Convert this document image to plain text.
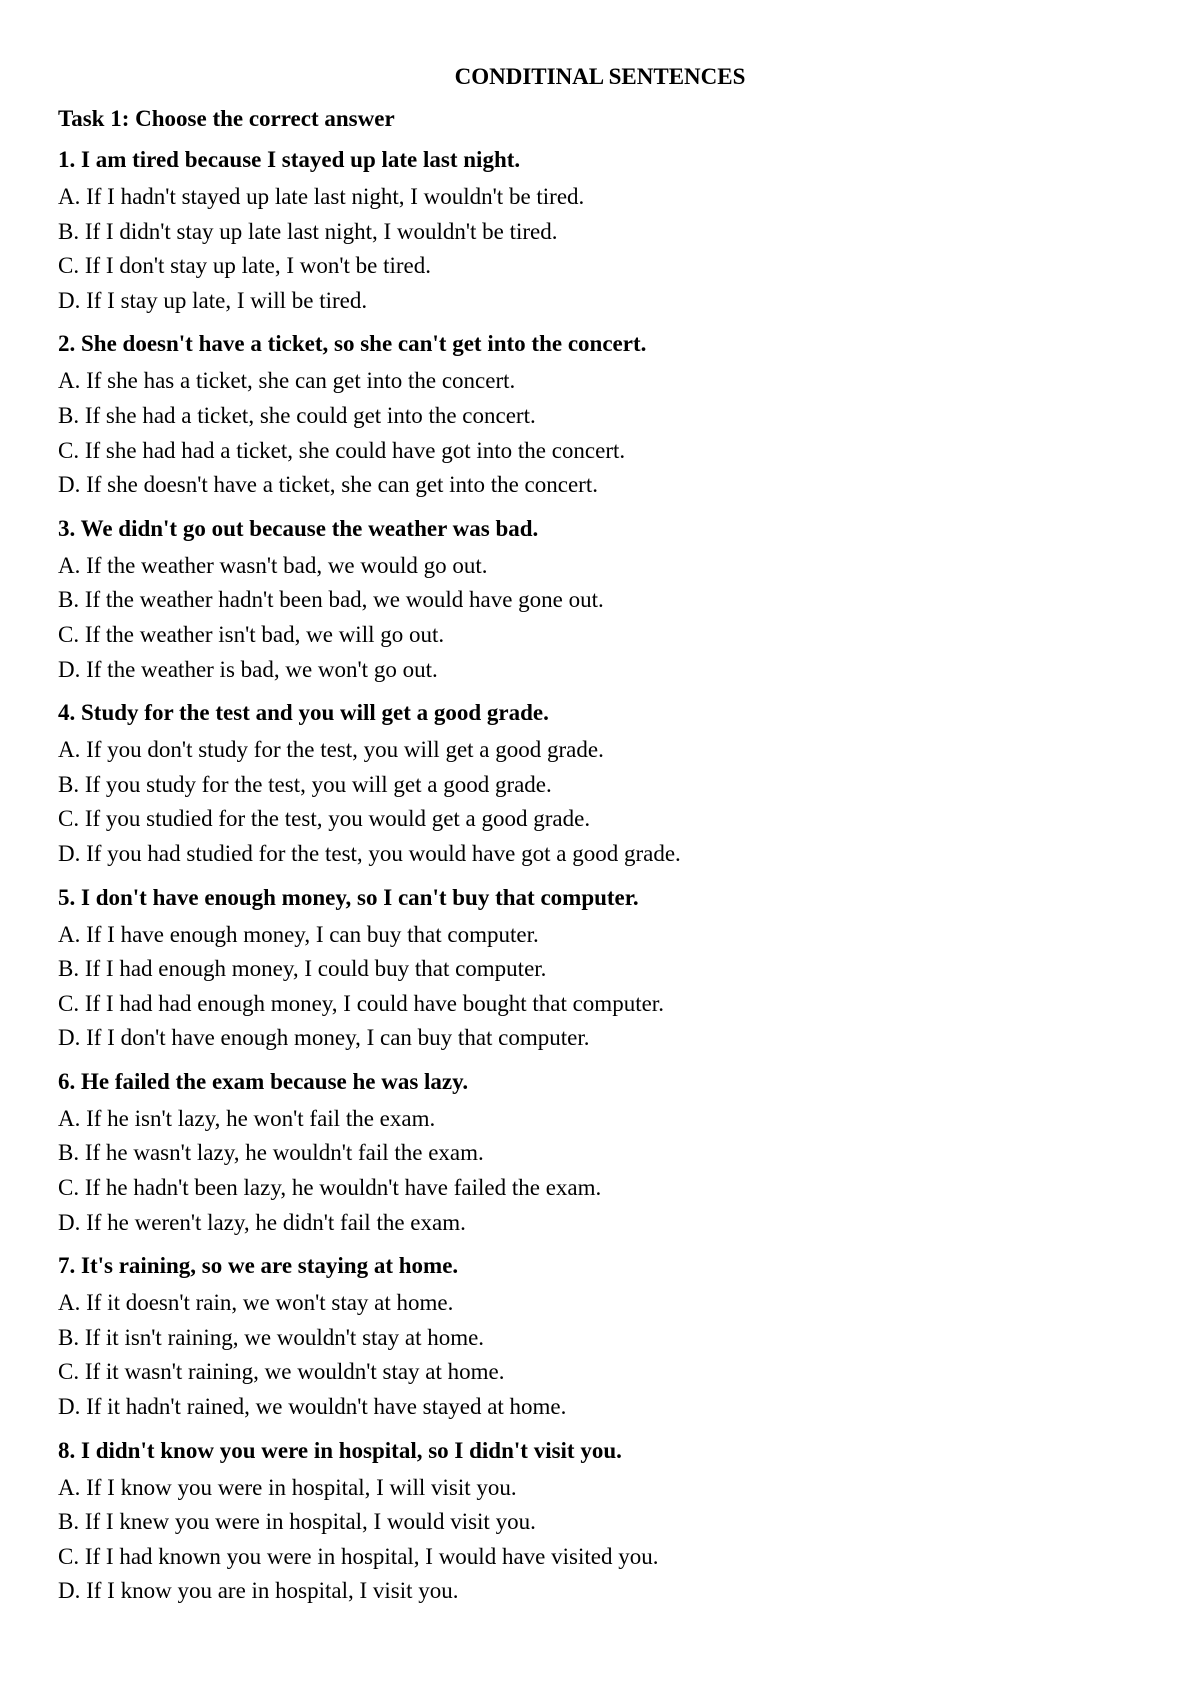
CONDITINAL SENTENCES
Task 1: Choose the correct answer
1. I am tired because I stayed up late last night.
A. If I hadn't stayed up late last night, I wouldn't be tired.
B. If I didn't stay up late last night, I wouldn't be tired.
C. If I don't stay up late, I won't be tired.
D. If I stay up late, I will be tired.
2. She doesn't have a ticket, so she can't get into the concert.
A. If she has a ticket, she can get into the concert.
B. If she had a ticket, she could get into the concert.
C. If she had had a ticket, she could have got into the concert.
D. If she doesn't have a ticket, she can get into the concert.
3. We didn't go out because the weather was bad.
A. If the weather wasn't bad, we would go out.
B. If the weather hadn't been bad, we would have gone out.
C. If the weather isn't bad, we will go out.
D. If the weather is bad, we won't go out.
4. Study for the test and you will get a good grade.
A. If you don't study for the test, you will get a good grade.
B. If you study for the test, you will get a good grade.
C. If you studied for the test, you would get a good grade.
D. If you had studied for the test, you would have got a good grade.
5. I don't have enough money, so I can't buy that computer.
A. If I have enough money, I can buy that computer.
B. If I had enough money, I could buy that computer.
C. If I had had enough money, I could have bought that computer.
D. If I don't have enough money, I can buy that computer.
6. He failed the exam because he was lazy.
A. If he isn't lazy, he won't fail the exam.
B. If he wasn't lazy, he wouldn't fail the exam.
C. If he hadn't been lazy, he wouldn't have failed the exam.
D. If he weren't lazy, he didn't fail the exam.
7. It's raining, so we are staying at home.
A. If it doesn't rain, we won't stay at home.
B. If it isn't raining, we wouldn't stay at home.
C. If it wasn't raining, we wouldn't stay at home.
D. If it hadn't rained, we wouldn't have stayed at home.
8. I didn't know you were in hospital, so I didn't visit you.
A. If I know you were in hospital, I will visit you.
B. If I knew you were in hospital, I would visit you.
C. If I had known you were in hospital, I would have visited you.
D. If I know you are in hospital, I visit you.
